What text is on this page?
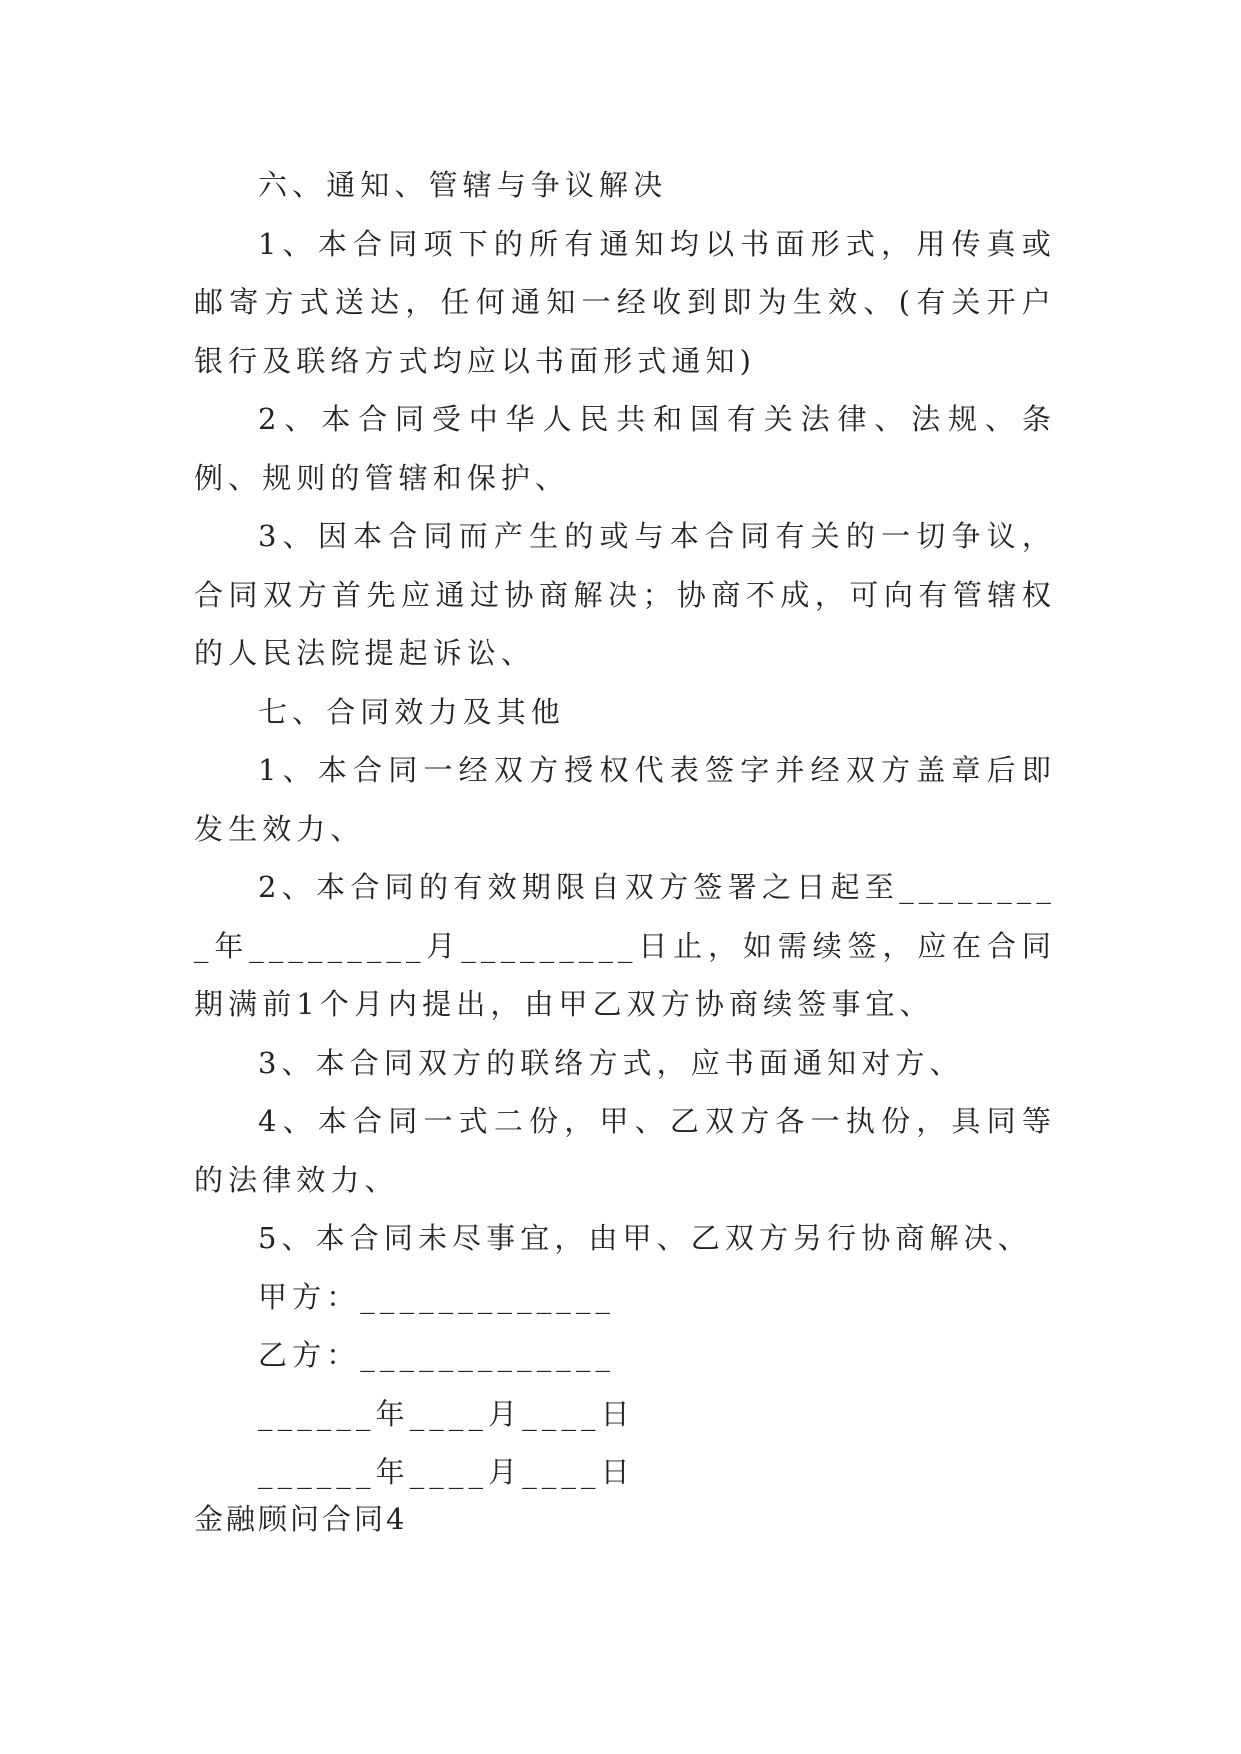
六、通知、管辖与争议解决

1、本合同项下的所有通知均以书面形式，用传真或邮寄方式送达，任何通知一经收到即为生效、(有关开户银行及联络方式均应以书面形式通知)

2、本合同受中华人民共和国有关法律、法规、条例、规则的管辖和保护、

3、因本合同而产生的或与本合同有关的一切争议，合同双方首先应通过协商解决；协商不成，可向有管辖权的人民法院提起诉讼、

七、合同效力及其他

1、本合同一经双方授权代表签字并经双方盖章后即发生效力、

2、本合同的有效期限自双方签署之日起至_________年_________月_________日止，如需续签，应在合同期满前1个月内提出，由甲乙双方协商续签事宜、

3、本合同双方的联络方式，应书面通知对方、

4、本合同一式二份，甲、乙双方各一执份，具同等的法律效力、

5、本合同未尽事宜，由甲、乙双方另行协商解决、

甲方：_____________

乙方：_____________

______年____月____日

______年____月____日

金融顾问合同4
